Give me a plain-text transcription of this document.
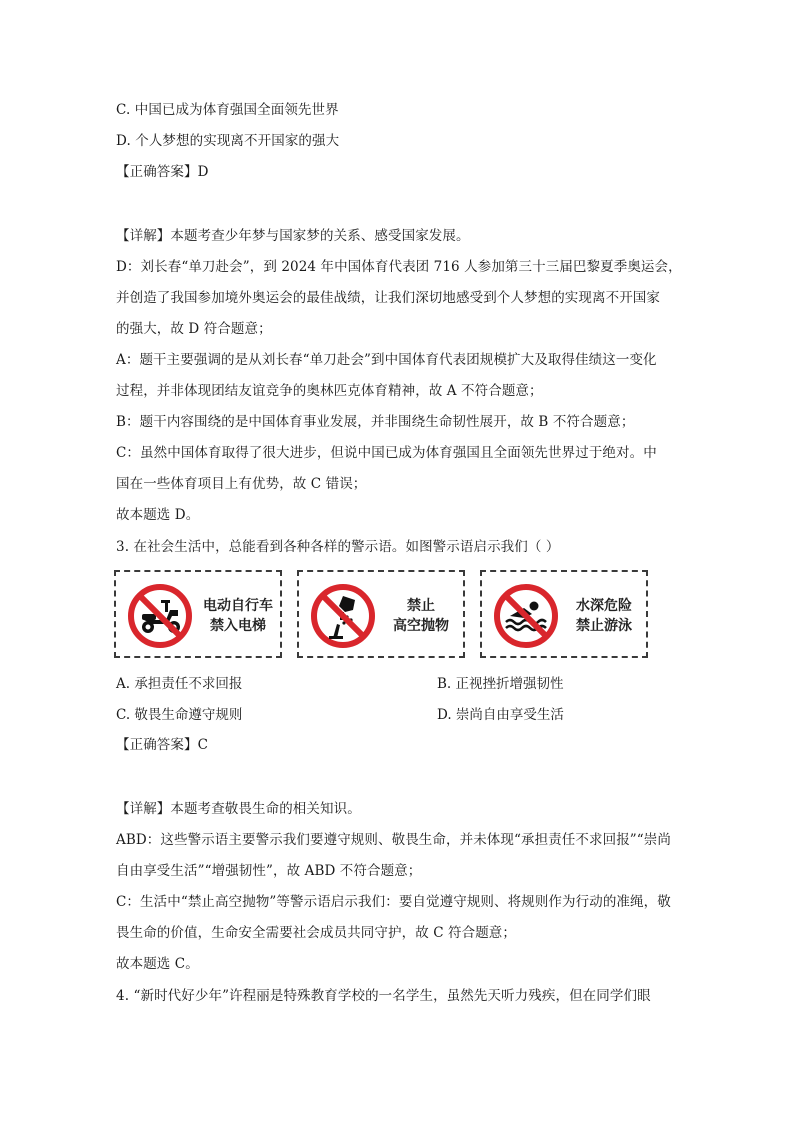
C. 中国已成为体育强国全面领先世界
D. 个人梦想的实现离不开国家的强大
【正确答案】D
【详解】本题考查少年梦与国家梦的关系、感受国家发展。
D：刘长春“单刀赴会”，到 2024 年中国体育代表团 716 人参加第三十三届巴黎夏季奥运会，
并创造了我国参加境外奥运会的最佳战绩，让我们深切地感受到个人梦想的实现离不开国家
的强大，故 D 符合题意；
A：题干主要强调的是从刘长春“单刀赴会”到中国体育代表团规模扩大及取得佳绩这一变化
过程，并非体现团结友谊竞争的奥林匹克体育精神，故 A 不符合题意；
B：题干内容围绕的是中国体育事业发展，并非围绕生命韧性展开，故 B 不符合题意；
C：虽然中国体育取得了很大进步，但说中国已成为体育强国且全面领先世界过于绝对。中
国在一些体育项目上有优势，故 C 错误；
故本题选 D。
3. 在社会生活中，总能看到各种各样的警示语。如图警示语启示我们（ ）
电动自行车
禁入电梯
禁止
高空抛物
水深危险
禁止游泳
A. 承担责任不求回报	B. 正视挫折增强韧性
C. 敬畏生命遵守规则	D. 崇尚自由享受生活
【正确答案】C
【详解】本题考查敬畏生命的相关知识。
ABD：这些警示语主要警示我们要遵守规则、敬畏生命，并未体现“承担责任不求回报”“崇尚
自由享受生活”“增强韧性”，故 ABD 不符合题意；
C：生活中“禁止高空抛物”等警示语启示我们：要自觉遵守规则、将规则作为行动的准绳，敬
畏生命的价值，生命安全需要社会成员共同守护，故 C 符合题意；
故本题选 C。
4. “新时代好少年”许程丽是特殊教育学校的一名学生，虽然先天听力残疾，但在同学们眼
